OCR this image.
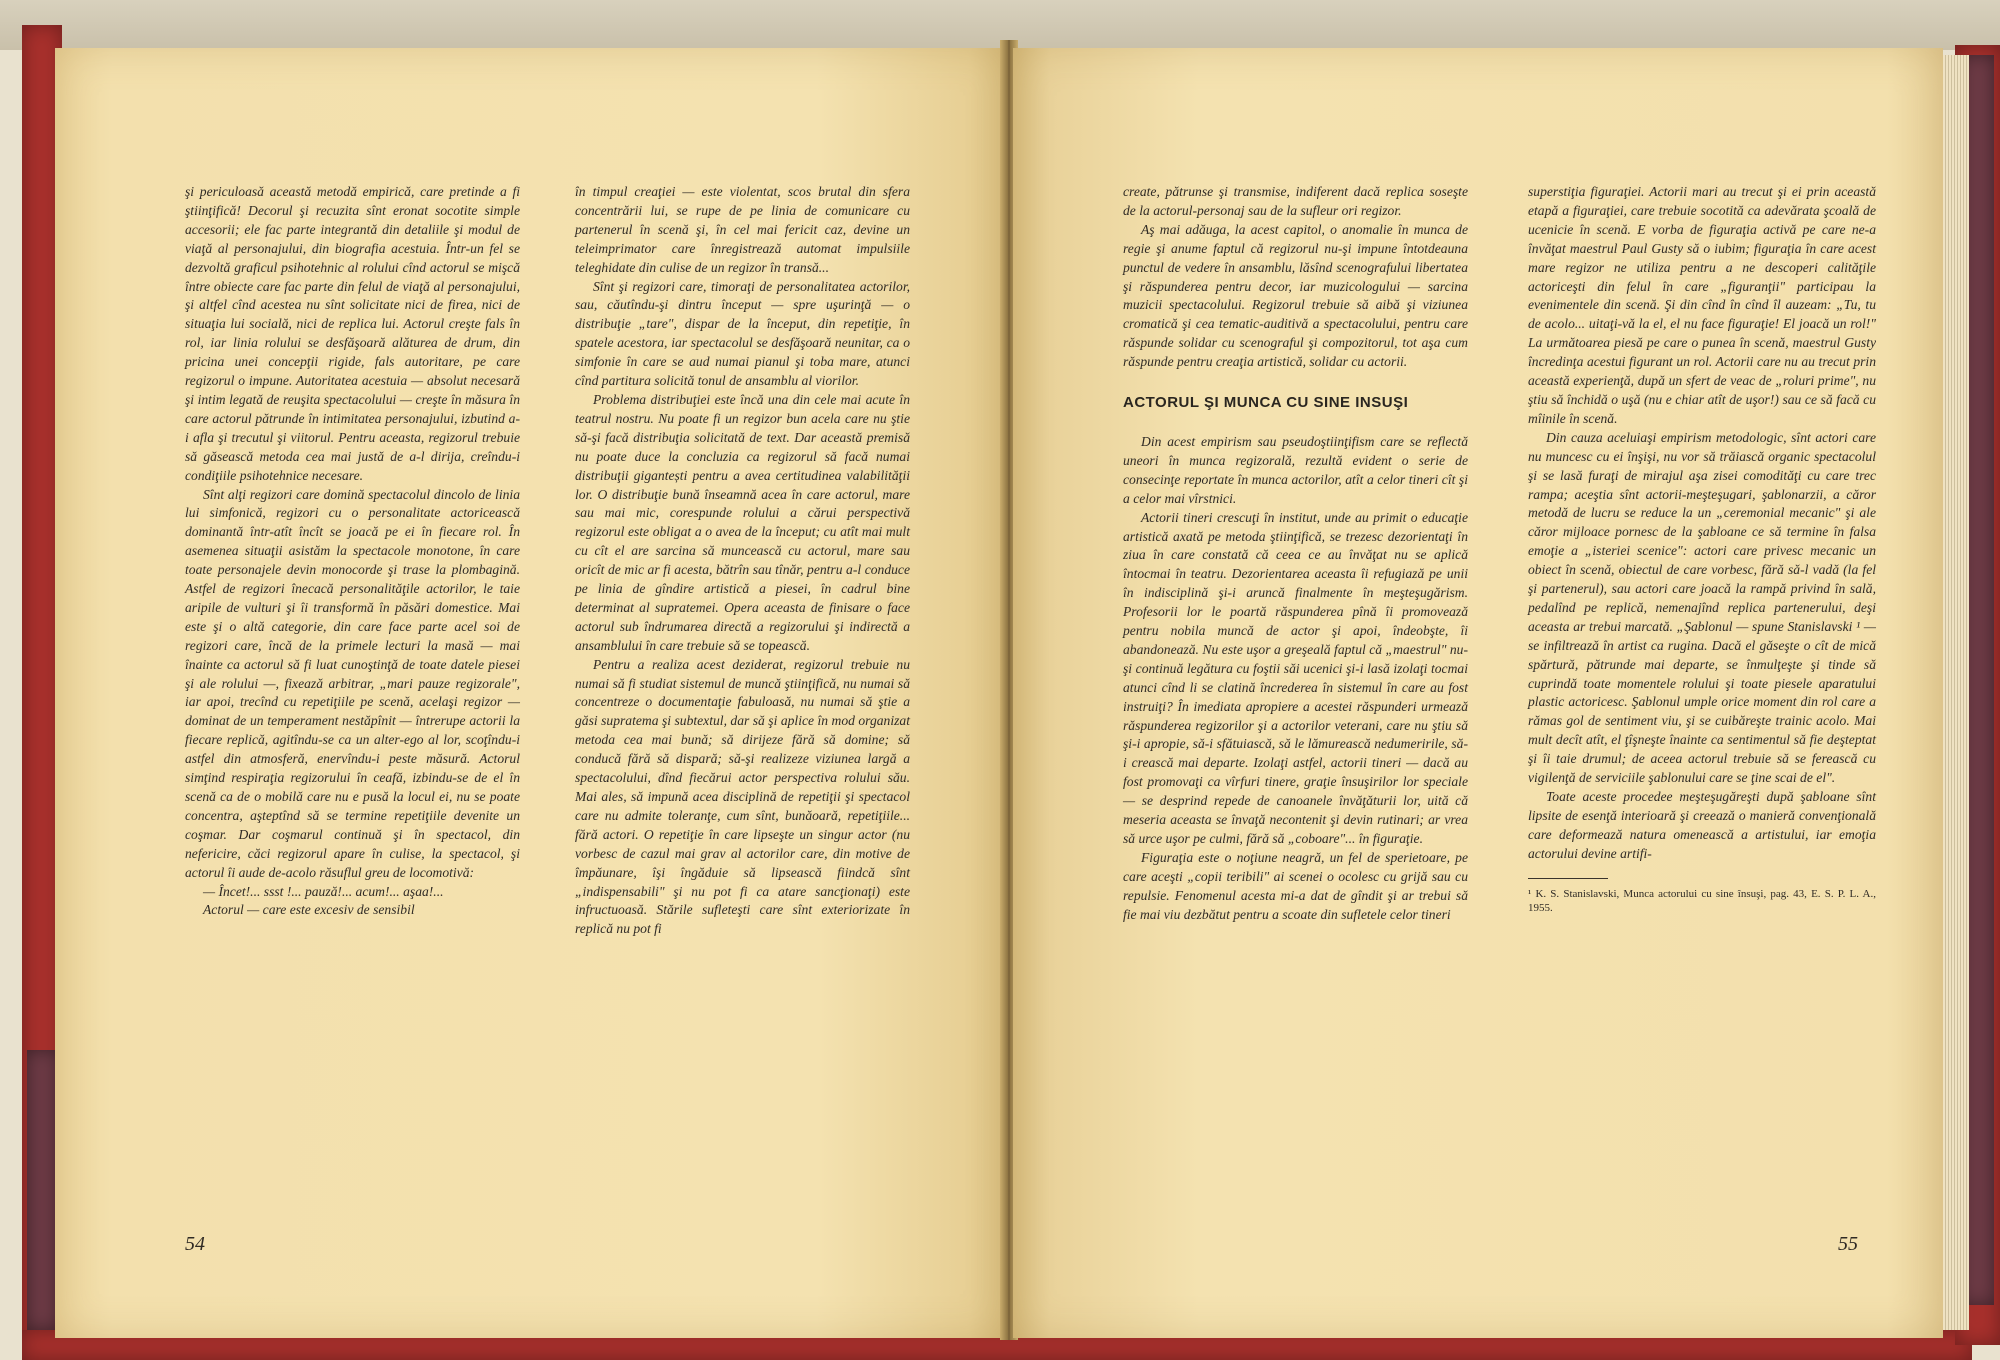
şi periculoasă această metodă empirică, care pretinde a fi ştiinţifică! Decorul şi recuzita sînt eronat socotite simple accesorii; ele fac parte integrantă din detaliile şi modul de viaţă al personajului, din biografia acestuia. Într-un fel se dezvoltă graficul psihotehnic al rolului cînd actorul se mişcă între obiecte care fac parte din felul de viaţă al personajului, şi altfel cînd acestea nu sînt solicitate nici de firea, nici de situaţia lui socială, nici de replica lui. Actorul creşte fals în rol, iar linia rolului se desfăşoară alăturea de drum, din pricina unei concepţii rigide, fals autoritare, pe care regizorul o impune. Autoritatea acestuia — absolut necesară şi intim legată de reuşita spectacolului — creşte în măsura în care actorul pătrunde în intimitatea personajului, izbutind a-i afla şi trecutul şi viitorul. Pentru aceasta, regizorul trebuie să găsească metoda cea mai justă de a-l dirija, creîndu-i condiţiile psihotehnice necesare.

Sînt alţi regizori care domină spectacolul dincolo de linia lui simfonică, regizori cu o personalitate actoricească dominantă într-atît încît se joacă pe ei în fiecare rol. În asemenea situaţii asistăm la spectacole monotone, în care toate personajele devin monocorde şi trase la plombagină. Astfel de regizori înecacă personalităţile actorilor, le taie aripile de vulturi şi îi transformă în păsări domestice. Mai este şi o altă categorie, din care face parte acel soi de regizori care, încă de la primele lecturi la masă — mai înainte ca actorul să fi luat cunoştinţă de toate datele piesei şi ale rolului —, fixează arbitrar, „mari pauze regizorale", iar apoi, trecînd cu repetiţiile pe scenă, acelaşi regizor — dominat de un temperament nestăpînit — întrerupe actorii la fiecare replică, agitîndu-se ca un alter-ego al lor, scoţîndu-i astfel din atmosferă, enervîndu-i peste măsură. Actorul simţind respiraţia regizorului în ceafă, izbindu-se de el în scenă ca de o mobilă care nu e pusă la locul ei, nu se poate concentra, aşteptînd să se termine repetiţiile devenite un coşmar. Dar coşmarul continuă şi în spectacol, din nefericire, căci regizorul apare în culise, la spectacol, şi actorul îi aude de-acolo răsuflul greu de locomotivă:

— Încet!... ssst !... pauză!... acum!... aşaa!...

Actorul — care este excesiv de sensibil

în timpul creaţiei — este violentat, scos brutal din sfera concentrării lui, se rupe de pe linia de comunicare cu partenerul în scenă şi, în cel mai fericit caz, devine un teleimprimator care înregistrează automat impulsiile teleghidate din culise de un regizor în transă...

Sînt şi regizori care, timoraţi de personalitatea actorilor, sau, căutîndu-şi dintru început — spre uşurinţă — o distribuţie „tare", dispar de la început, din repetiţie, în spatele acestora, iar spectacolul se desfăşoară neunitar, ca o simfonie în care se aud numai pianul şi toba mare, atunci cînd partitura solicită tonul de ansamblu al viorilor.

Problema distribuţiei este încă una din cele mai acute în teatrul nostru. Nu poate fi un regizor bun acela care nu ştie să-şi facă distribuţia solicitată de text. Dar această premisă nu poate duce la concluzia ca regizorul să facă numai distribuţii gigantești pentru a avea certitudinea valabilităţii lor. O distribuţie bună înseamnă acea în care actorul, mare sau mai mic, corespunde rolului a cărui perspectivă regizorul este obligat a o avea de la început; cu atît mai mult cu cît el are sarcina să muncească cu actorul, mare sau oricît de mic ar fi acesta, bătrîn sau tînăr, pentru a-l conduce pe linia de gîndire artistică a piesei, în cadrul bine determinat al supratemei. Opera aceasta de finisare o face actorul sub îndrumarea directă a regizorului şi indirectă a ansamblului în care trebuie să se topească.

Pentru a realiza acest deziderat, regizorul trebuie nu numai să fi studiat sistemul de muncă ştiinţifică, nu numai să concentreze o documentaţie fabuloasă, nu numai să ştie a găsi supratema şi subtextul, dar să şi aplice în mod organizat metoda cea mai bună; să dirijeze fără să domine; să conducă fără să dispară; să-şi realizeze viziunea largă a spectacolului, dînd fiecărui actor perspectiva rolului său. Mai ales, să impună acea disciplină de repetiţii şi spectacol care nu admite toleranţe, cum sînt, bunăoară, repetiţiile... fără actori. O repetiţie în care lipseşte un singur actor (nu vorbesc de cazul mai grav al actorilor care, din motive de împăunare, îşi îngăduie să lipsească fiindcă sînt „indispensabili" şi nu pot fi ca atare sancţionaţi) este infructuoasă. Stările sufleteşti care sînt exteriorizate în replică nu pot fi

54

create, pătrunse şi transmise, indiferent dacă replica soseşte de la actorul-personaj sau de la sufleur ori regizor.

Aş mai adăuga, la acest capitol, o anomalie în munca de regie şi anume faptul că regizorul nu-şi impune întotdeauna punctul de vedere în ansamblu, lăsînd scenografului libertatea şi răspunderea pentru decor, iar muzicologului — sarcina muzicii spectacolului. Regizorul trebuie să aibă şi viziunea cromatică şi cea tematic-auditivă a spectacolului, pentru care răspunde solidar cu scenograful şi compozitorul, tot aşa cum răspunde pentru creaţia artistică, solidar cu actorii.

ACTORUL ŞI MUNCA CU SINE INSUŞI

Din acest empirism sau pseudoştiinţifism care se reflectă uneori în munca regizorală, rezultă evident o serie de consecinţe reportate în munca actorilor, atît a celor tineri cît şi a celor mai vîrstnici.

Actorii tineri crescuţi în institut, unde au primit o educaţie artistică axată pe metoda ştiinţifică, se trezesc dezorientaţi în ziua în care constată că ceea ce au învăţat nu se aplică întocmai în teatru. Dezorientarea aceasta îi refugiază pe unii în indisciplină şi-i aruncă finalmente în meşteşugărism. Profesorii lor le poartă răspunderea pînă îi promovează pentru nobila muncă de actor şi apoi, îndeobşte, îi abandonează. Nu este uşor a greşeală faptul că „maestrul" nu-şi continuă legătura cu foştii săi ucenici şi-i lasă izolaţi tocmai atunci cînd li se clatină încrederea în sistemul în care au fost instruiţi? În imediata apropiere a acestei răspunderi urmează răspunderea regizorilor şi a actorilor veterani, care nu ştiu să şi-i apropie, să-i sfătuiască, să le lămurească nedumeririle, să-i crească mai departe. Izolaţi astfel, actorii tineri — dacă au fost promovaţi ca vîrfuri tinere, graţie însuşirilor lor speciale — se desprind repede de canoanele învăţăturii lor, uită că meseria aceasta se învaţă necontenit şi devin rutinari; ar vrea să urce uşor pe culmi, fără să „coboare"... în figuraţie.

Figuraţia este o noţiune neagră, un fel de sperietoare, pe care aceşti „copii teribili" ai scenei o ocolesc cu grijă sau cu repulsie. Fenomenul acesta mi-a dat de gîndit şi ar trebui să fie mai viu dezbătut pentru a scoate din sufletele celor tineri

superstiţia figuraţiei. Actorii mari au trecut şi ei prin această etapă a figuraţiei, care trebuie socotită ca adevărata şcoală de ucenicie în scenă. E vorba de figuraţia activă pe care ne-a învăţat maestrul Paul Gusty să o iubim; figuraţia în care acest mare regizor ne utiliza pentru a ne descoperi calităţile actoriceşti din felul în care „figuranţii" participau la evenimentele din scenă. Şi din cînd în cînd îl auzeam: „Tu, tu de acolo... uitaţi-vă la el, el nu face figuraţie! El joacă un rol!" La următoarea piesă pe care o punea în scenă, maestrul Gusty încredinţa acestui figurant un rol. Actorii care nu au trecut prin această experienţă, după un sfert de veac de „roluri prime", nu ştiu să închidă o uşă (nu e chiar atît de uşor!) sau ce să facă cu mîinile în scenă.

Din cauza aceluiaşi empirism metodologic, sînt actori care nu muncesc cu ei înşişi, nu vor să trăiască organic spectacolul şi se lasă furaţi de mirajul aşa zisei comodităţi cu care trec rampa; aceştia sînt actorii-meşteşugari, şablonarzii, a căror metodă de lucru se reduce la un „ceremonial mecanic" şi ale căror mijloace pornesc de la şabloane ce să termine în falsa emoţie a „isteriei scenice": actori care privesc mecanic un obiect în scenă, obiectul de care vorbesc, fără să-l vadă (la fel şi partenerul), sau actori care joacă la rampă privind în sală, pedalînd pe replică, nemenajînd replica partenerului, deşi aceasta ar trebui marcată. „Şablonul — spune Stanislavski ¹ — se infiltrează în artist ca rugina. Dacă el găseşte o cît de mică spărtură, pătrunde mai departe, se înmulţeşte şi tinde să cuprindă toate momentele rolului şi toate piesele aparatului plastic actoricesc. Şablonul umple orice moment din rol care a rămas gol de sentiment viu, şi se cuibăreşte trainic acolo. Mai mult decît atît, el ţîşneşte înainte ca sentimentul să fie deşteptat şi îi taie drumul; de aceea actorul trebuie să se ferească cu vigilenţă de serviciile şablonului care se ţine scai de el".

Toate aceste procedee meşteşugăreşti după şabloane sînt lipsite de esenţă interioară şi creează o manieră convenţională care deformează natura omenească a artistului, iar emoţia actorului devine artifi-

¹ K. S. Stanislavski, Munca actorului cu sine însuşi, pag. 43, E. S. P. L. A., 1955.

55
